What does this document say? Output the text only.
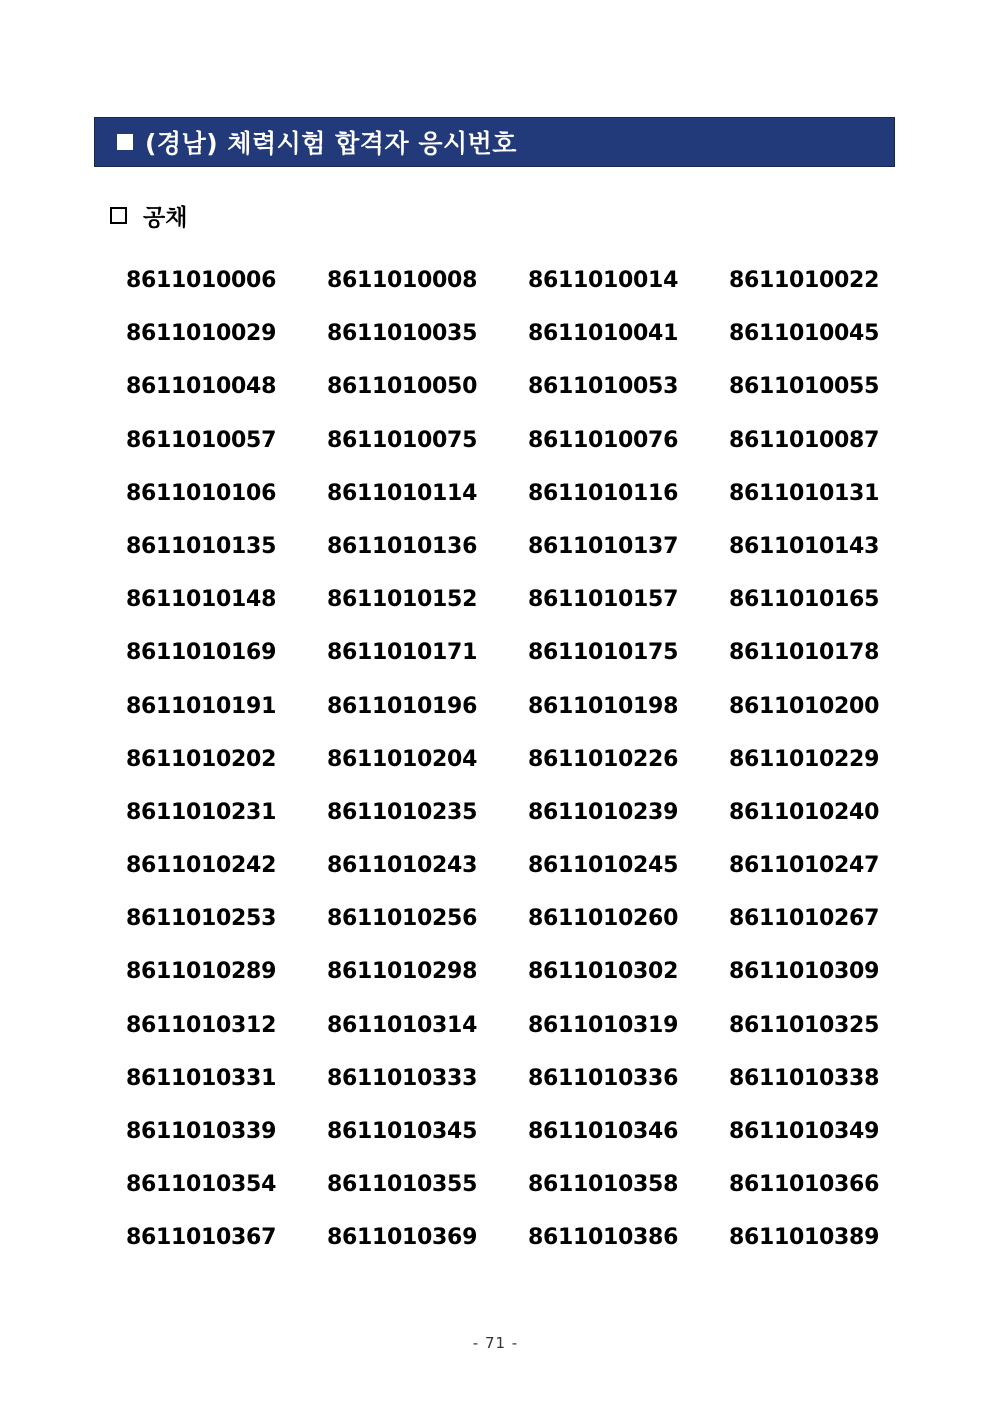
(경남) 체력시험 합격자 응시번호
공채
8611010006	8611010008	8611010014	8611010022
8611010029	8611010035	8611010041	8611010045
8611010048	8611010050	8611010053	8611010055
8611010057	8611010075	8611010076	8611010087
8611010106	8611010114	8611010116	8611010131
8611010135	8611010136	8611010137	8611010143
8611010148	8611010152	8611010157	8611010165
8611010169	8611010171	8611010175	8611010178
8611010191	8611010196	8611010198	8611010200
8611010202	8611010204	8611010226	8611010229
8611010231	8611010235	8611010239	8611010240
8611010242	8611010243	8611010245	8611010247
8611010253	8611010256	8611010260	8611010267
8611010289	8611010298	8611010302	8611010309
8611010312	8611010314	8611010319	8611010325
8611010331	8611010333	8611010336	8611010338
8611010339	8611010345	8611010346	8611010349
8611010354	8611010355	8611010358	8611010366
8611010367	8611010369	8611010386	8611010389
- 71 -
